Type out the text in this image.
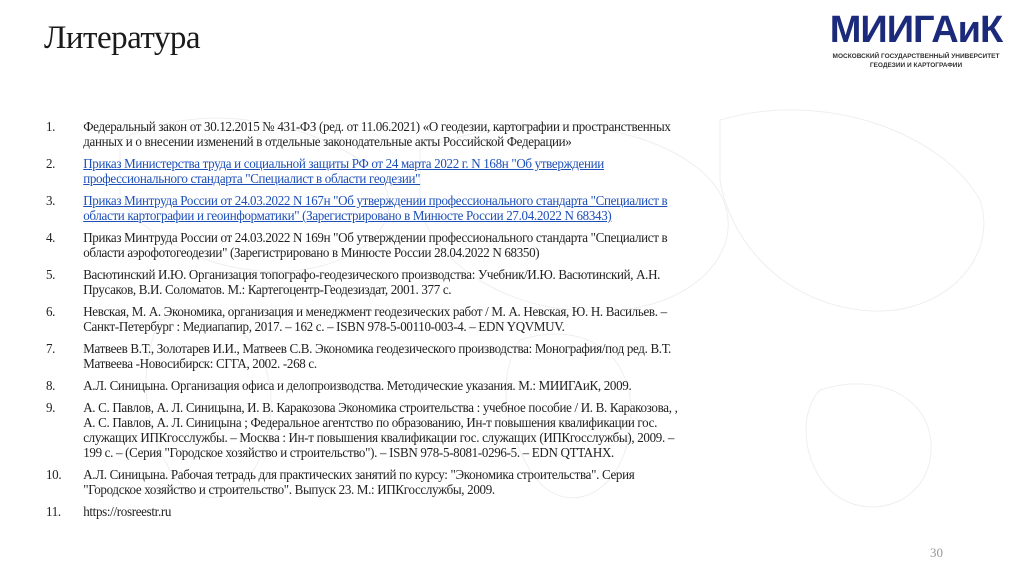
Литература	МИИГАиК
МОСКОВСКИЙ ГОСУДАРСТВЕННЫЙ УНИВЕРСИТЕТ
ГЕОДЕЗИИ И КАРТОГРАФИИ
1. Федеральный закон от 30.12.2015 № 431-ФЗ (ред. от 11.06.2021) «О геодезии, картографии и пространственных
данных и о внесении изменений в отдельные законодательные акты Российской Федерации»
2. Приказ Министерства труда и социальной защиты РФ от 24 марта 2022 г. N 168н "Об утверждении
профессионального стандарта "Специалист в области геодезии"
3. Приказ Минтруда России от 24.03.2022 N 167н "Об утверждении профессионального стандарта "Специалист в
области картографии и геоинформатики" (Зарегистрировано в Минюсте России 27.04.2022 N 68343)
4. Приказ Минтруда России от 24.03.2022 N 169н "Об утверждении профессионального стандарта "Специалист в
области аэрофотогеодезии" (Зарегистрировано в Минюсте России 28.04.2022 N 68350)
5. Васютинский И.Ю. Организация топографо-геодезического производства: Учебник/И.Ю. Васютинский, А.Н.
Прусаков, В.И. Соломатов. М.: Картегоцентр-Геодезиздат, 2001. 377 с.
6. Невская, М. А. Экономика, организация и менеджмент геодезических работ / М. А. Невская, Ю. Н. Васильев. –
Санкт-Петербург : Медиапапир, 2017. – 162 с. – ISBN 978-5-00110-003-4. – EDN YQVMUV.
7. Матвеев В.Т., Золотарев И.И., Матвеев С.В. Экономика геодезического производства: Монография/под ред. В.Т.
Матвеева -Новосибирск: СГГА, 2002. -268 с.
8. А.Л. Синицына. Организация офиса и делопроизводства. Методические указания. М.: МИИГАиК, 2009.
9. А. С. Павлов, А. Л. Синицына, И. В. Каракозова Экономика строительства : учебное пособие / И. В. Каракозова, ,
А. С. Павлов, А. Л. Синицына ; Федеральное агентство по образованию, Ин-т повышения квалификации гос.
служащих ИПКгосслужбы. – Москва : Ин-т повышения квалификации гос. служащих (ИПКгосслужбы), 2009. –
199 с. – (Серия "Городское хозяйство и строительство"). – ISBN 978-5-8081-0296-5. – EDN QTTAHX.
10. А.Л. Синицына. Рабочая тетрадь для практических занятий по курсу: "Экономика строительства". Серия
"Городское хозяйство и строительство". Выпуск 23. М.: ИПКгосслужбы, 2009.
11. https://rosreestr.ru
30
